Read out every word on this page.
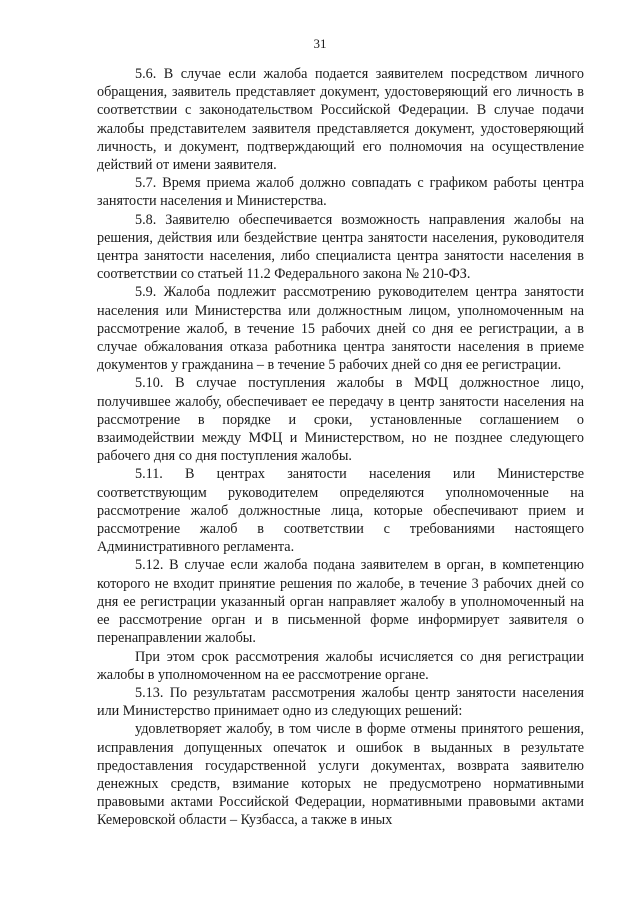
31

5.6. В случае если жалоба подается заявителем посредством личного обращения, заявитель представляет документ, удостоверяющий его личность в соответствии с законодательством Российской Федерации. В случае подачи жалобы представителем заявителя представляется документ, удостоверяющий личность, и документ, подтверждающий его полномочия на осуществление действий от имени заявителя.

5.7. Время приема жалоб должно совпадать с графиком работы центра занятости населения и Министерства.

5.8. Заявителю обеспечивается возможность направления жалобы на решения, действия или бездействие центра занятости населения, руководителя центра занятости населения, либо специалиста центра занятости населения в соответствии со статьей 11.2 Федерального закона № 210-ФЗ.

5.9. Жалоба подлежит рассмотрению руководителем центра занятости населения или Министерства или должностным лицом, уполномоченным на рассмотрение жалоб, в течение 15 рабочих дней со дня ее регистрации, а в случае обжалования отказа работника центра занятости населения в приеме документов у гражданина – в течение 5 рабочих дней со дня ее регистрации.

5.10. В случае поступления жалобы в МФЦ должностное лицо, получившее жалобу, обеспечивает ее передачу в центр занятости населения на рассмотрение в порядке и сроки, установленные соглашением о взаимодействии между МФЦ и Министерством, но не позднее следующего рабочего дня со дня поступления жалобы.

5.11. В центрах занятости населения или Министерстве соответствующим руководителем определяются уполномоченные на рассмотрение жалоб должностные лица, которые обеспечивают прием и рассмотрение жалоб в соответствии с требованиями настоящего Административного регламента.

5.12. В случае если жалоба подана заявителем в орган, в компетенцию которого не входит принятие решения по жалобе, в течение 3 рабочих дней со дня ее регистрации указанный орган направляет жалобу в уполномоченный на ее рассмотрение орган и в письменной форме информирует заявителя о перенаправлении жалобы.

При этом срок рассмотрения жалобы исчисляется со дня регистрации жалобы в уполномоченном на ее рассмотрение органе.

5.13. По результатам рассмотрения жалобы центр занятости населения или Министерство принимает одно из следующих решений:

удовлетворяет жалобу, в том числе в форме отмены принятого решения, исправления допущенных опечаток и ошибок в выданных в результате предоставления государственной услуги документах, возврата заявителю денежных средств, взимание которых не предусмотрено нормативными правовыми актами Российской Федерации, нормативными правовыми актами Кемеровской области – Кузбасса, а также в иных
